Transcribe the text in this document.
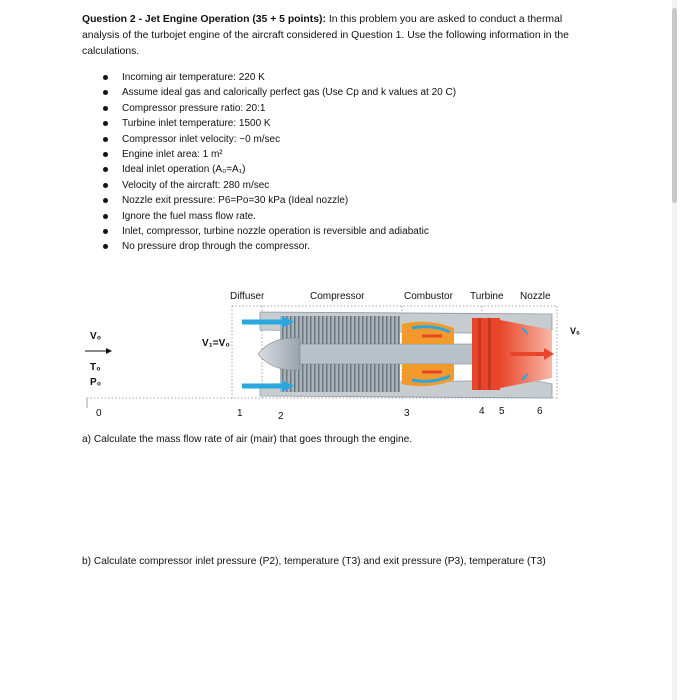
Question 2 - Jet Engine Operation (35 + 5 points): In this problem you are asked to conduct a thermal analysis of the turbojet engine of the aircraft considered in Question 1. Use the following information in the calculations.
Incoming air temperature: 220 K
Assume ideal gas and calorically perfect gas (Use Cp and k values at 20 C)
Compressor pressure ratio: 20:1
Turbine inlet temperature: 1500 K
Compressor inlet velocity: ~0 m/sec
Engine inlet area: 1 m²
Ideal inlet operation (A₀=A₁)
Velocity of the aircraft: 280 m/sec
Nozzle exit pressure: P6=Po=30 kPa (Ideal nozzle)
Ignore the fuel mass flow rate.
Inlet, compressor, turbine nozzle operation is reversible and adiabatic
No pressure drop through the compressor.
Diffuser	Compressor	Combustor Turbine Nozzle
V₀
T₀
P₀
V₁=V₀
V₆
0	1	2	3	4 5	6
a) Calculate the mass flow rate of air (mair) that goes through the engine.
b) Calculate compressor inlet pressure (P2), temperature (T3) and exit pressure (P3), temperature (T3)
